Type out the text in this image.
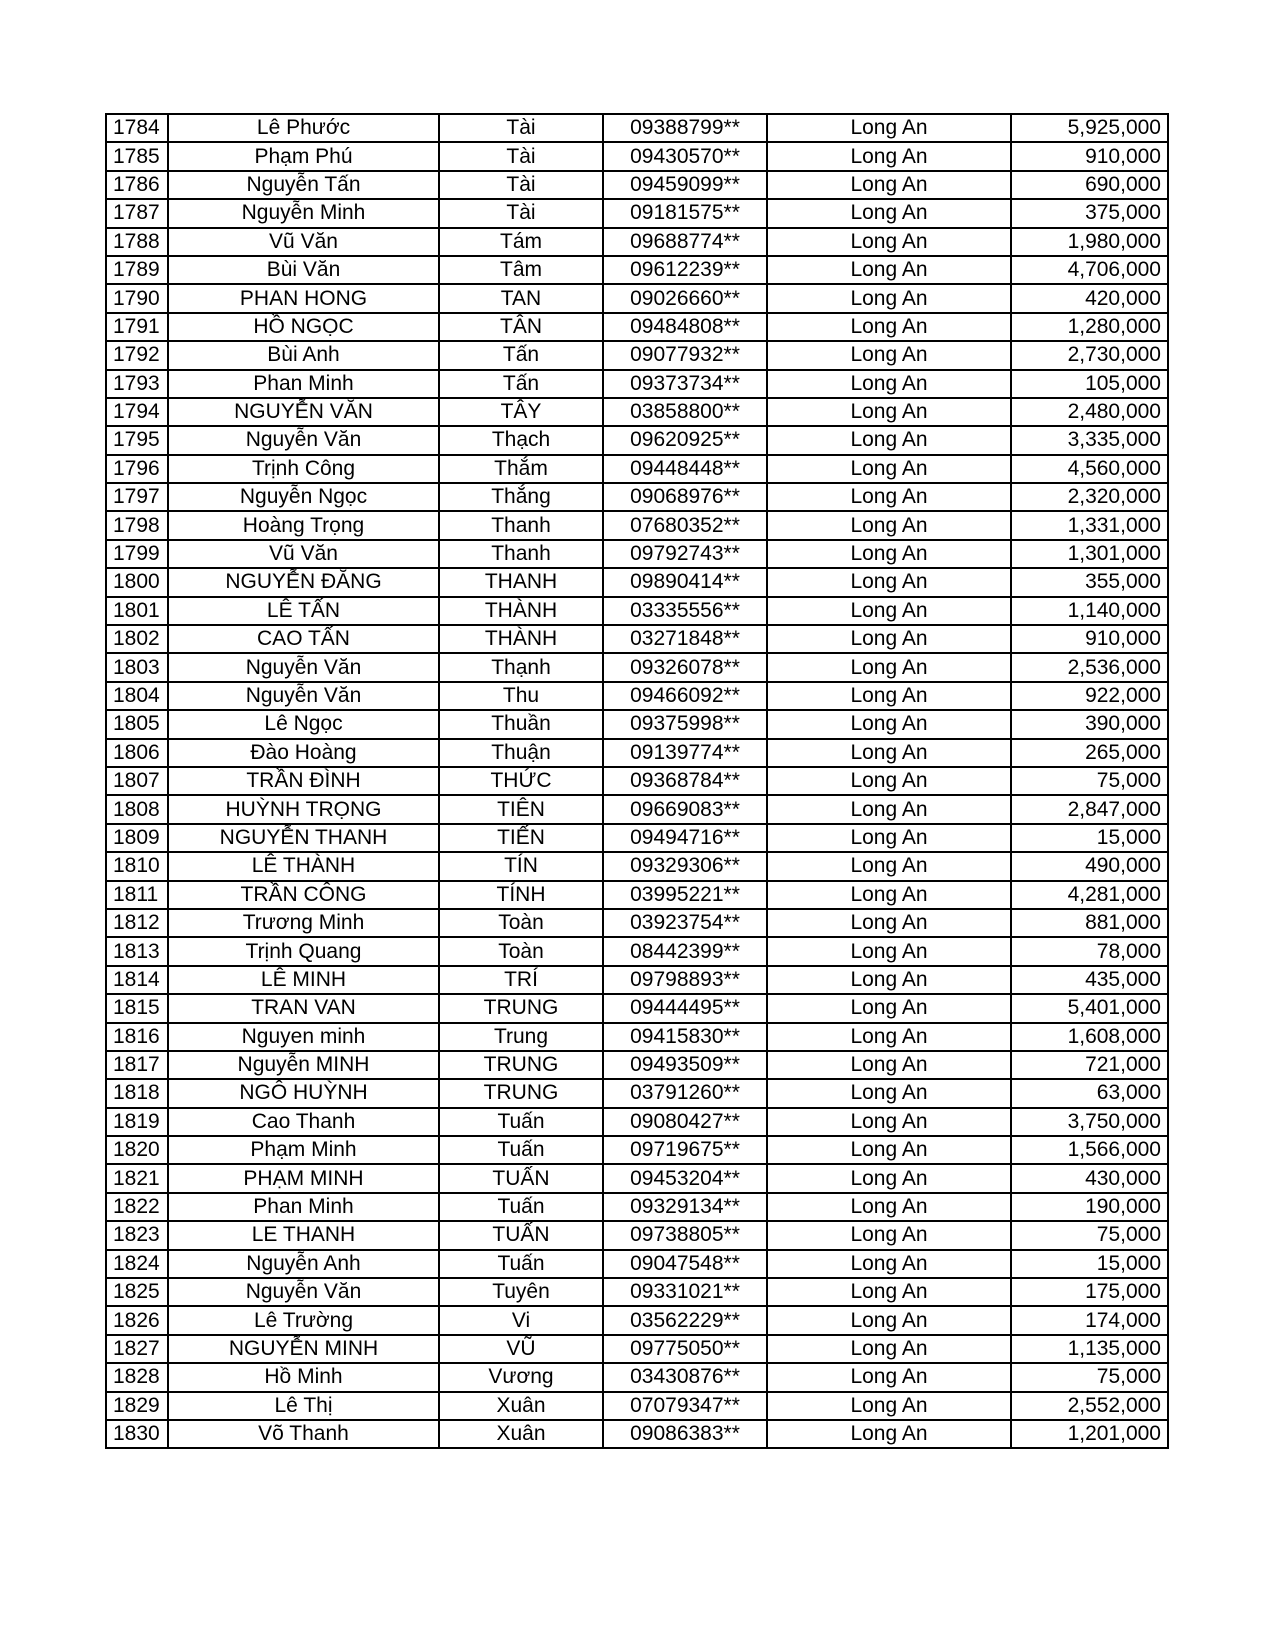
1784	Lê Phước	Tài	09388799**	Long An	5,925,000
1785	Phạm Phú	Tài	09430570**	Long An	910,000
1786	Nguyễn Tấn	Tài	09459099**	Long An	690,000
1787	Nguyễn Minh	Tài	09181575**	Long An	375,000
1788	Vũ Văn	Tám	09688774**	Long An	1,980,000
1789	Bùi Văn	Tâm	09612239**	Long An	4,706,000
1790	PHAN HONG	TAN	09026660**	Long An	420,000
1791	HỒ NGỌC	TÂN	09484808**	Long An	1,280,000
1792	Bùi Anh	Tấn	09077932**	Long An	2,730,000
1793	Phan Minh	Tấn	09373734**	Long An	105,000
1794	NGUYỄN VĂN	TÂY	03858800**	Long An	2,480,000
1795	Nguyễn Văn	Thạch	09620925**	Long An	3,335,000
1796	Trịnh Công	Thắm	09448448**	Long An	4,560,000
1797	Nguyễn Ngọc	Thắng	09068976**	Long An	2,320,000
1798	Hoàng Trọng	Thanh	07680352**	Long An	1,331,000
1799	Vũ Văn	Thanh	09792743**	Long An	1,301,000
1800	NGUYỄN ĐĂNG	THANH	09890414**	Long An	355,000
1801	LÊ TẤN	THÀNH	03335556**	Long An	1,140,000
1802	CAO TẤN	THÀNH	03271848**	Long An	910,000
1803	Nguyễn Văn	Thạnh	09326078**	Long An	2,536,000
1804	Nguyễn Văn	Thu	09466092**	Long An	922,000
1805	Lê Ngọc	Thuần	09375998**	Long An	390,000
1806	Đào Hoàng	Thuận	09139774**	Long An	265,000
1807	TRẦN ĐÌNH	THỨC	09368784**	Long An	75,000
1808	HUỲNH TRỌNG	TIÊN	09669083**	Long An	2,847,000
1809	NGUYỄN THANH	TIẾN	09494716**	Long An	15,000
1810	LÊ THÀNH	TÍN	09329306**	Long An	490,000
1811	TRẦN CÔNG	TÍNH	03995221**	Long An	4,281,000
1812	Trương Minh	Toàn	03923754**	Long An	881,000
1813	Trịnh Quang	Toàn	08442399**	Long An	78,000
1814	LÊ MINH	TRÍ	09798893**	Long An	435,000
1815	TRAN VAN	TRUNG	09444495**	Long An	5,401,000
1816	Nguyen minh	Trung	09415830**	Long An	1,608,000
1817	Nguyễn MINH	TRUNG	09493509**	Long An	721,000
1818	NGÔ HUỲNH	TRUNG	03791260**	Long An	63,000
1819	Cao Thanh	Tuấn	09080427**	Long An	3,750,000
1820	Phạm Minh	Tuấn	09719675**	Long An	1,566,000
1821	PHẠM MINH	TUẤN	09453204**	Long An	430,000
1822	Phan Minh	Tuấn	09329134**	Long An	190,000
1823	LE THANH	TUẤN	09738805**	Long An	75,000
1824	Nguyễn Anh	Tuấn	09047548**	Long An	15,000
1825	Nguyễn Văn	Tuyên	09331021**	Long An	175,000
1826	Lê Trường	Vi	03562229**	Long An	174,000
1827	NGUYỄN MINH	VŨ	09775050**	Long An	1,135,000
1828	Hồ Minh	Vương	03430876**	Long An	75,000
1829	Lê Thị	Xuân	07079347**	Long An	2,552,000
1830	Võ Thanh	Xuân	09086383**	Long An	1,201,000
